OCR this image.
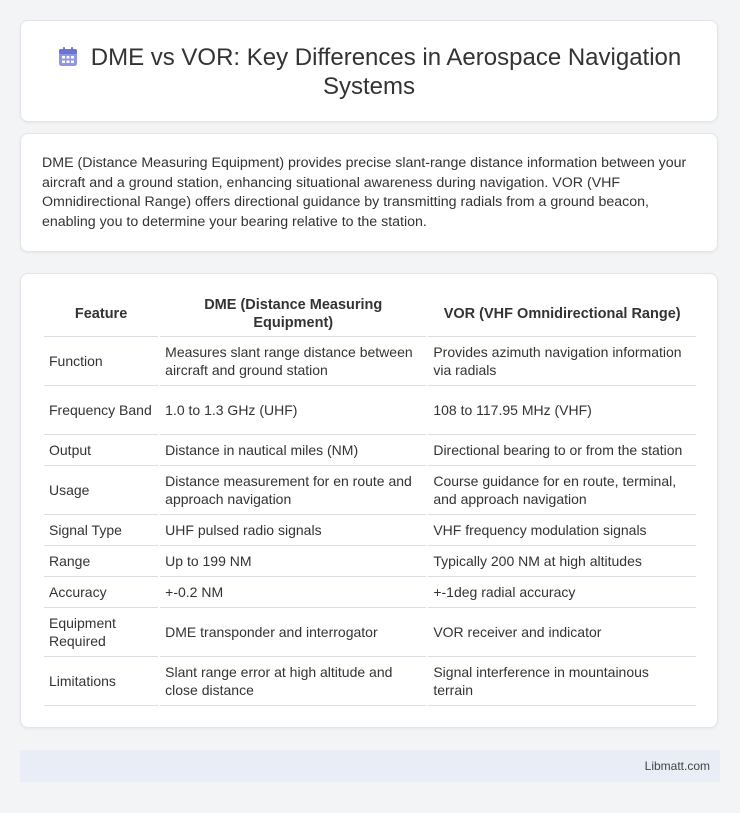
DME vs VOR: Key Differences in Aerospace Navigation Systems
DME (Distance Measuring Equipment) provides precise slant-range distance information between your aircraft and a ground station, enhancing situational awareness during navigation. VOR (VHF Omnidirectional Range) offers directional guidance by transmitting radials from a ground beacon, enabling you to determine your bearing relative to the station.
Feature	DME (Distance Measuring Equipment)	VOR (VHF Omnidirectional Range)
Function	Measures slant range distance between aircraft and ground station	Provides azimuth navigation information via radials
Frequency Band	1.0 to 1.3 GHz (UHF)	108 to 117.95 MHz (VHF)
Output	Distance in nautical miles (NM)	Directional bearing to or from the station
Usage	Distance measurement for en route and approach navigation	Course guidance for en route, terminal, and approach navigation
Signal Type	UHF pulsed radio signals	VHF frequency modulation signals
Range	Up to 199 NM	Typically 200 NM at high altitudes
Accuracy	+-0.2 NM	+-1deg radial accuracy
Equipment Required	DME transponder and interrogator	VOR receiver and indicator
Limitations	Slant range error at high altitude and close distance	Signal interference in mountainous terrain
Libmatt.com
